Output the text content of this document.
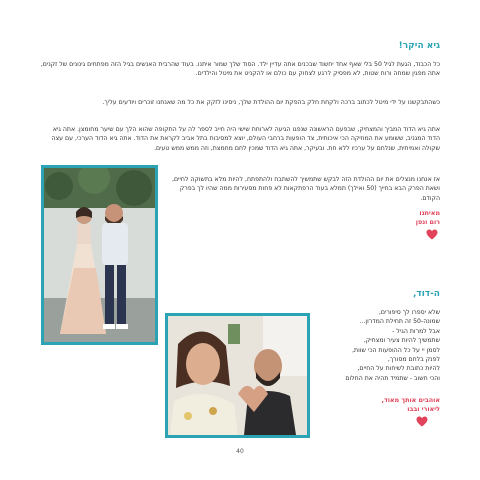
גיא היקר!
כל הכבוד, הגעת לגיל 50 בלי שאף אחד יחשוד שבכנים אתה עדיין ילד. הסוד שלך שמור איתנו. בעוד שהרבית האנשים בגיל הזה מפתחים גינונים של זקנים, אתה מפגין שמחה ורוח שטות, לא מפסיק לרגע לצחוק עם כולם או להקניט את מיטל והילדים.
כשהתבקשנו על ידי מיטל לכתוב ברכה ולקחת חלק בהפקת יום ההולדת שלך, ניסינו לזקק את כל מה שאנחנו זוכרים ויודעים עליך.
אתה גיא הדוד המביך והמצחיק, שבפעם הראשונה שנפגו הגיעה לארוחת שישי היה חייב לספר לה על התקופה שהוא הלך עם שיער מחומצן. אתה גיא הדוד המגניב, ששומע את המוזיקה הכי איכותית, צד הופעות ברחבי העולם, יוצא למסיבות בתל אביב לקראת את הדוד. אתה גיא הדוד הערכי, עם עצה שקולה ואמיתית, שנלחם על ערכיו ללא חת. ובעיקר, אתה גיא הדוד שמכין לחם מחמצת, וזה ממש ממש טעים.
אז אנחנו מנצלים את יום ההולדת הזה לבקש שתמשיך להשתבח ולהתפתח, להיות מלא בתשוקה לחיים, ושאת הפרק הבא בחייך (50 ואילך) תמלא בעוד הרפתקאות לא פחות מסעירות ממה שהיו לך בפרק הקודם.
מאיתנו
רום ונפן
ה-דוד,
שלא יספרו לך סיפורים,
שמונה-50 זה תחילת המדרון...
אבל למרות הגיל -
שתמשיך להיות צעיר ומצחיק,
לסמן יי על כל ההופעות הכי שוות,
לפנק בלחם מסורך,
להיות כתובת לשיחות על החיים,
והכי חשוב - שתמיד תהיה את החלום
אוהבים אותך מאוד,
ליאורי ובבו
40
